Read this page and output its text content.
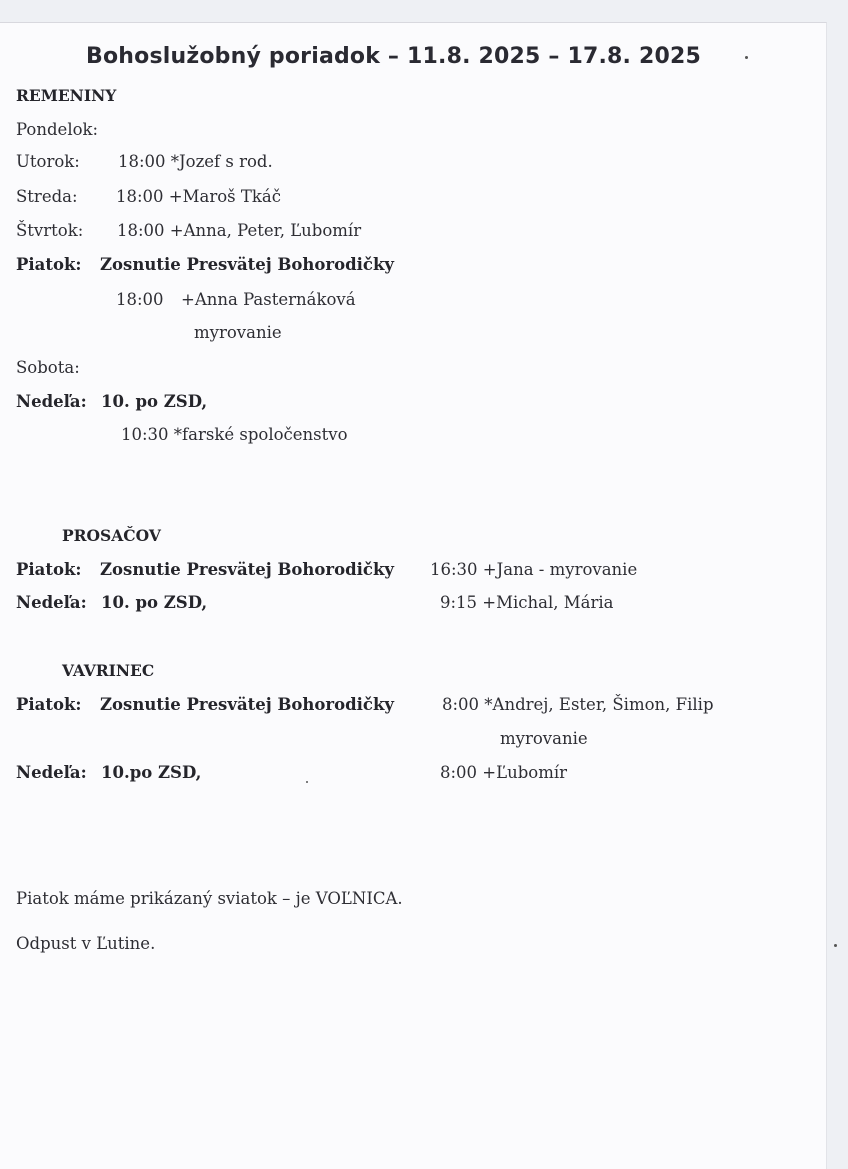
Bohoslužobný poriadok – 11.8. 2025 – 17.8. 2025
REMENINY
Pondelok:
Utorok: 18:00 *Jozef s rod.
Streda: 18:00 +Maroš Tkáč
Štvrtok: 18:00 +Anna, Peter, Ľubomír
Piatok: Zosnutie Presvätej Bohorodičky
18:00 +Anna Pasternáková
myrovanie
Sobota:
Nedeľa: 10. po ZSD,
10:30 *farské spoločenstvo
PROSAČOV
Piatok: Zosnutie Presvätej Bohorodičky 16:30 +Jana - myrovanie
Nedeľa: 10. po ZSD,	9:15 +Michal, Mária
VAVRINEC
Piatok: Zosnutie Presvätej Bohorodičky	8:00 *Andrej, Ester, Šimon, Filip
myrovanie
Nedeľa: 10.po ZSD,	8:00 +Ľubomír
Piatok máme prikázaný sviatok – je VOĽNICA.
Odpust v Ľutine.
